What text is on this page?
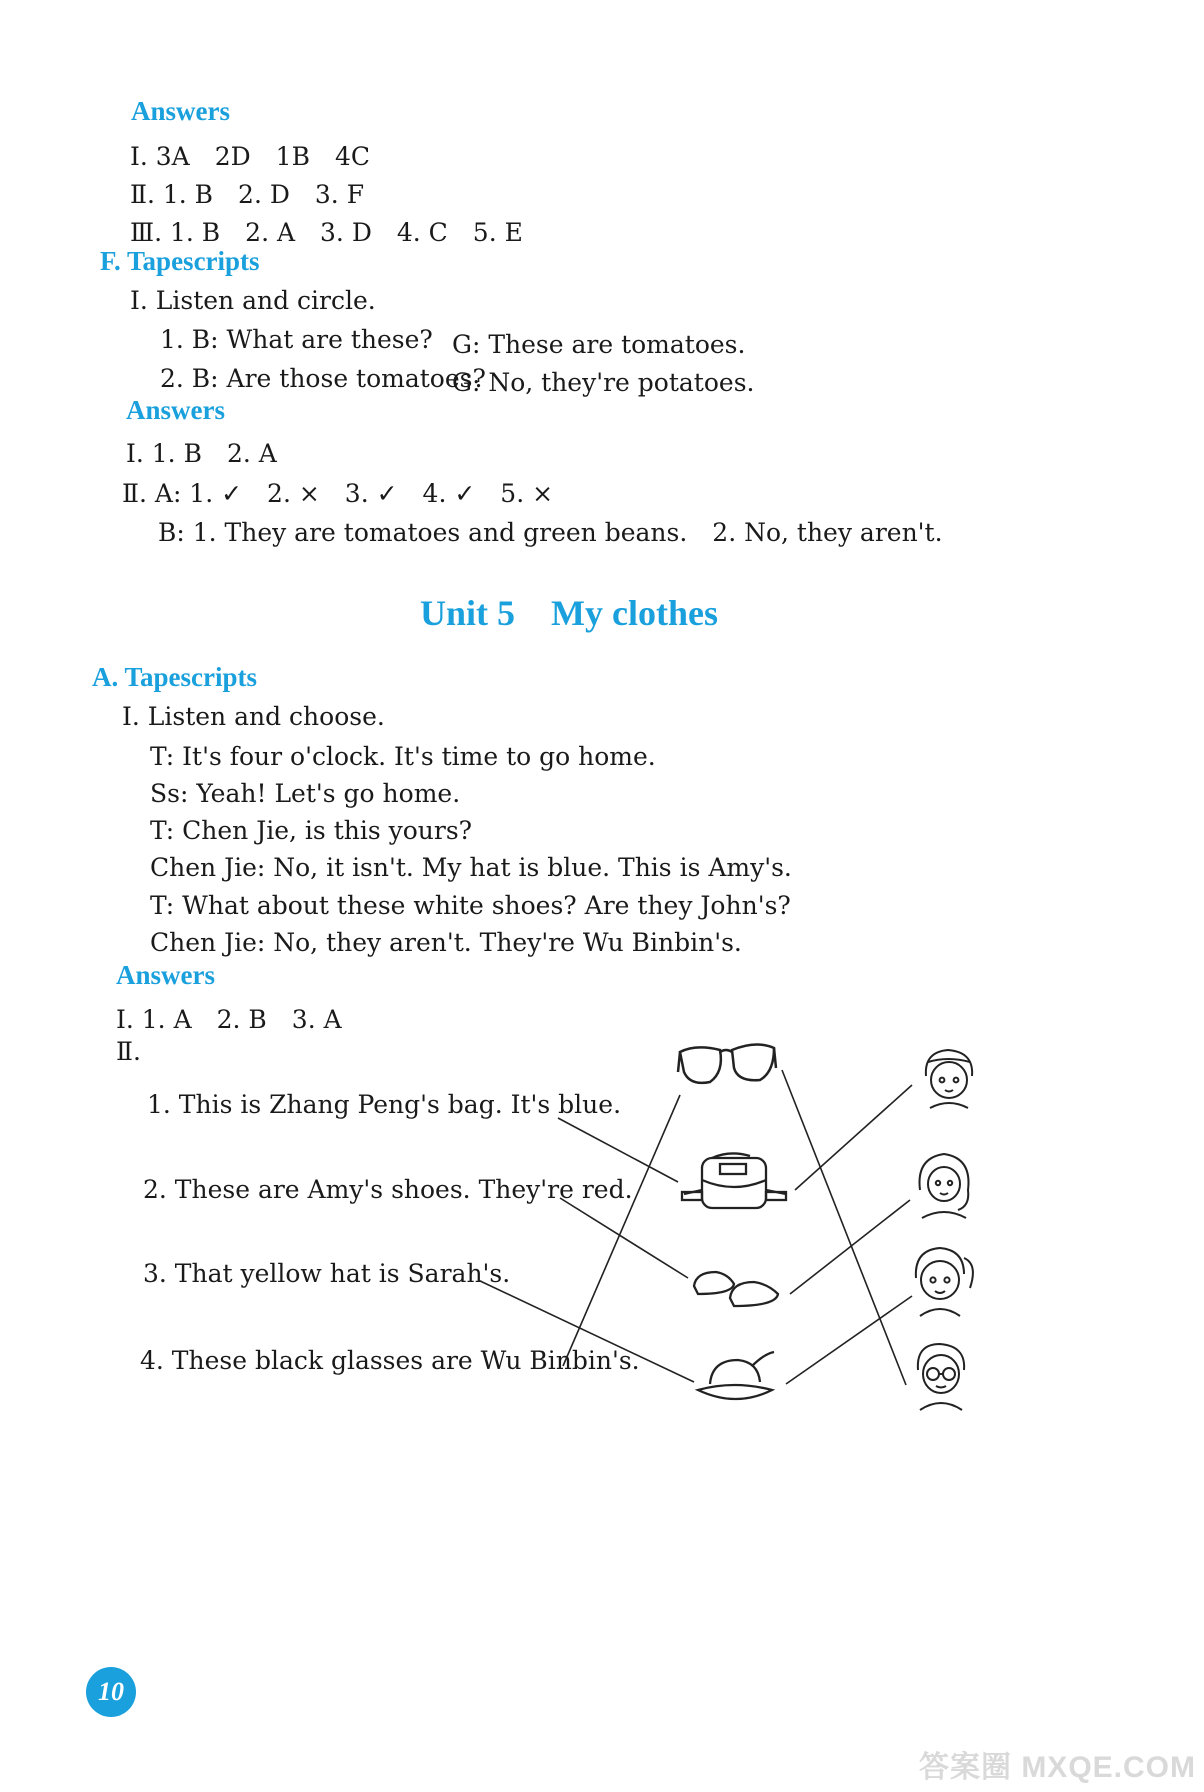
Answers
Ⅰ. 3A　2D　1B　4C
Ⅱ. 1. B　2. D　3. F
Ⅲ. 1. B　2. A　3. D　4. C　5. E
F. Tapescripts
Ⅰ. Listen and circle.
1. B: What are these? G: These are tomatoes.
2. B: Are those tomatoes?
G: No, they're potatoes.
Answers
Ⅰ. 1. B　2. A
Ⅱ. A: 1. ✓　2. ×　3. ✓　4. ✓　5. ×
B: 1. They are tomatoes and green beans.　2. No, they aren't.
Unit 5　My clothes
A. Tapescripts
Ⅰ. Listen and choose.
T: It's four o'clock. It's time to go home.
Ss: Yeah! Let's go home.
T: Chen Jie, is this yours?
Chen Jie: No, it isn't. My hat is blue. This is Amy's.
T: What about these white shoes? Are they John's?
Chen Jie: No, they aren't. They're Wu Binbin's.
Answers
Ⅰ. 1. A　2. B　3. A
Ⅱ.
1. This is Zhang Peng's bag. It's blue.
2. These are Amy's shoes. They're red.
3. That yellow hat is Sarah's.
4. These black glasses are Wu Binbin's.
10
答案圈 MXQE.COM
